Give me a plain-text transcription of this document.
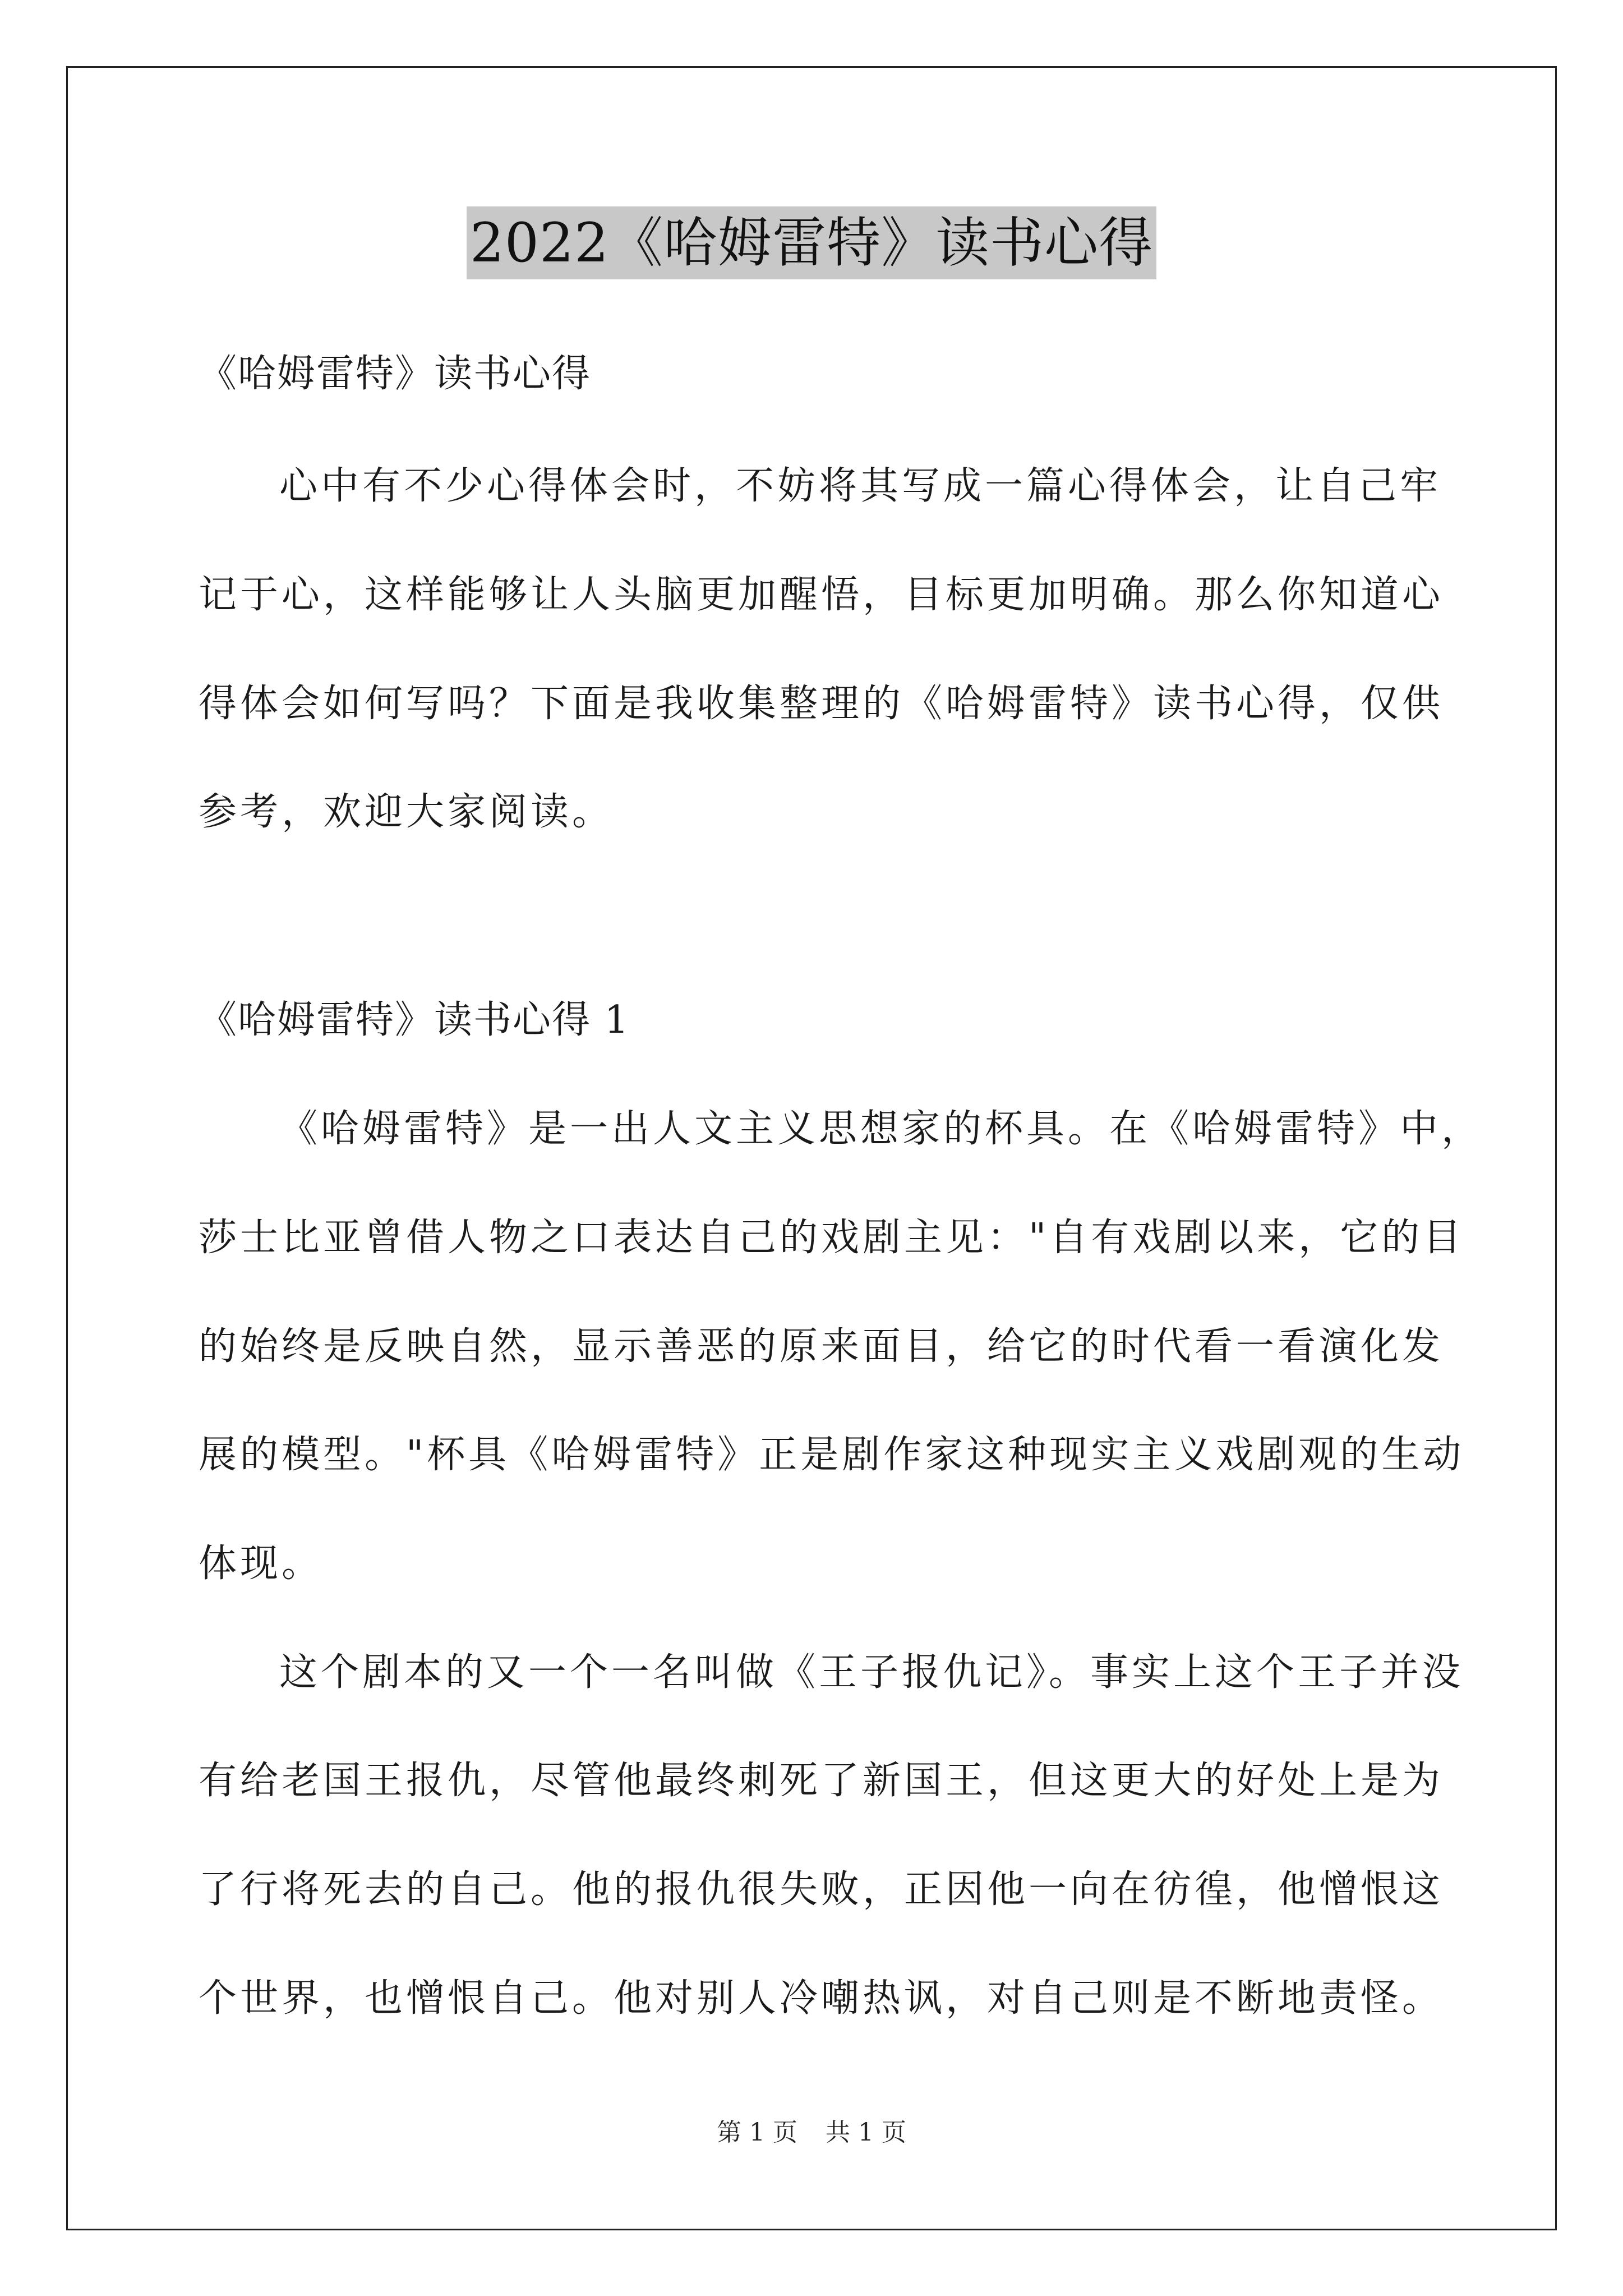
2022《哈姆雷特》读书心得
《哈姆雷特》读书心得
心中有不少心得体会时，不妨将其写成一篇心得体会，让自己牢
记于心，这样能够让人头脑更加醒悟，目标更加明确。那么你知道心
得体会如何写吗？下面是我收集整理的《哈姆雷特》读书心得，仅供
参考，欢迎大家阅读。
《哈姆雷特》读书心得 1
《哈姆雷特》是一出人文主义思想家的杯具。在《哈姆雷特》中，
莎士比亚曾借人物之口表达自己的戏剧主见："自有戏剧以来，它的目
的始终是反映自然，显示善恶的原来面目，给它的时代看一看演化发
展的模型。"杯具《哈姆雷特》正是剧作家这种现实主义戏剧观的生动
体现。
这个剧本的又一个一名叫做《王子报仇记》。事实上这个王子并没
有给老国王报仇，尽管他最终刺死了新国王，但这更大的好处上是为
了行将死去的自己。他的报仇很失败，正因他一向在彷徨，他憎恨这
个世界，也憎恨自己。他对别人冷嘲热讽，对自己则是不断地责怪。
第 1 页 共 1 页
